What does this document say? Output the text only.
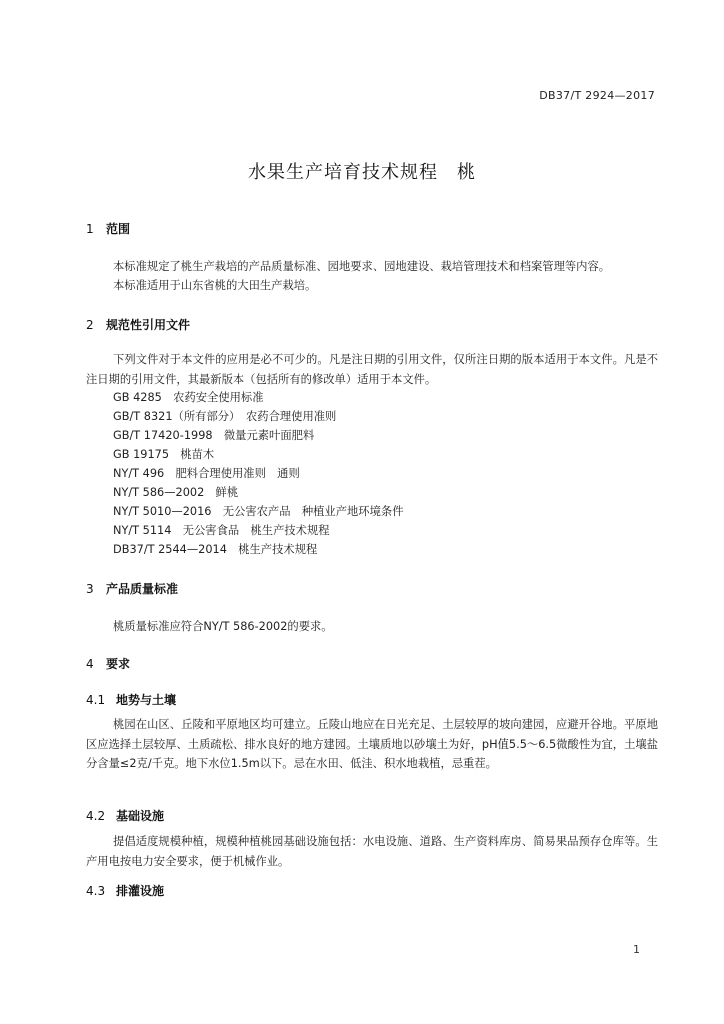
DB37/T 2924—2017
水果生产培育技术规程　桃
1 范围
本标准规定了桃生产栽培的产品质量标准、园地要求、园地建设、栽培管理技术和档案管理等内容。
本标准适用于山东省桃的大田生产栽培。
2 规范性引用文件
下列文件对于本文件的应用是必不可少的。凡是注日期的引用文件，仅所注日期的版本适用于本文件。凡是不注日期的引用文件，其最新版本（包括所有的修改单）适用于本文件。
GB 4285　农药安全使用标准
GB/T 8321（所有部分）　农药合理使用准则
GB/T 17420-1998　微量元素叶面肥料
GB 19175　桃苗木
NY/T 496　肥料合理使用准则　通则
NY/T 586—2002　鲜桃
NY/T 5010—2016　无公害农产品　种植业产地环境条件
NY/T 5114　无公害食品　桃生产技术规程
DB37/T 2544—2014　桃生产技术规程
3 产品质量标准
桃质量标准应符合NY/T 586-2002的要求。
4 要求
4.1 地势与土壤
桃园在山区、丘陵和平原地区均可建立。丘陵山地应在日光充足、土层较厚的坡向建园，应避开谷地。平原地区应选择土层较厚、土质疏松、排水良好的地方建园。土壤质地以砂壤土为好，pH值5.5～6.5微酸性为宜，土壤盐分含量≤2克/千克。地下水位1.5m以下。忌在水田、低洼、积水地栽植，忌重茬。
4.2 基础设施
提倡适度规模种植，规模种植桃园基础设施包括：水电设施、道路、生产资料库房、简易果品预存仓库等。生产用电按电力安全要求，便于机械作业。
4.3 排灌设施
1
